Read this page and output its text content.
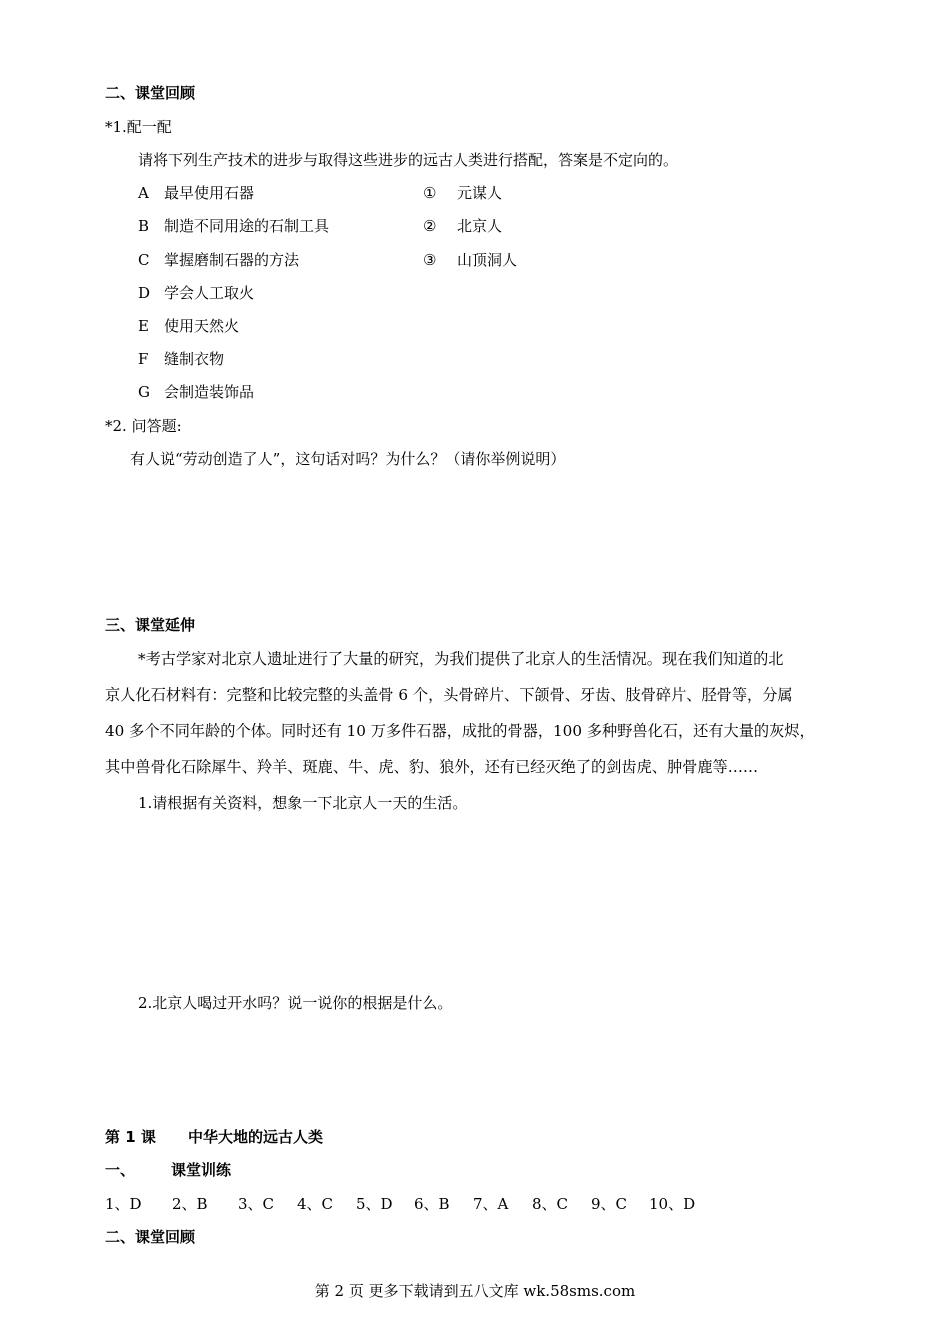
二、课堂回顾
*1.配一配
请将下列生产技术的进步与取得这些进步的远古人类进行搭配，答案是不定向的。
A 最早使用石器
B 制造不同用途的石制工具
C 掌握磨制石器的方法
D 学会人工取火
E 使用天然火
F 缝制衣物
G 会制造装饰品
① 元谋人
② 北京人
③ 山顶洞人
*2. 问答题:
有人说“劳动创造了人”，这句话对吗？为什么？（请你举例说明）
三、课堂延伸
*考古学家对北京人遗址进行了大量的研究，为我们提供了北京人的生活情况。现在我们知道的北
京人化石材料有：完整和比较完整的头盖骨 6 个，头骨碎片、下颌骨、牙齿、肢骨碎片、胫骨等，分属
40 多个不同年龄的个体。同时还有 10 万多件石器，成批的骨器，100 多种野兽化石，还有大量的灰烬，
其中兽骨化石除犀牛、羚羊、斑鹿、牛、虎、豹、狼外，还有已经灭绝了的剑齿虎、肿骨鹿等……
1.请根据有关资料，想象一下北京人一天的生活。
2.北京人喝过开水吗？说一说你的根据是什么。
第 1 课 中华大地的远古人类
一、 课堂训练
1、D 2、B 3、C 4、C 5、D 6、B 7、A 8、C 9、C 10、D
二、课堂回顾
第 2 页 更多下载请到五八文库 wk.58sms.com
